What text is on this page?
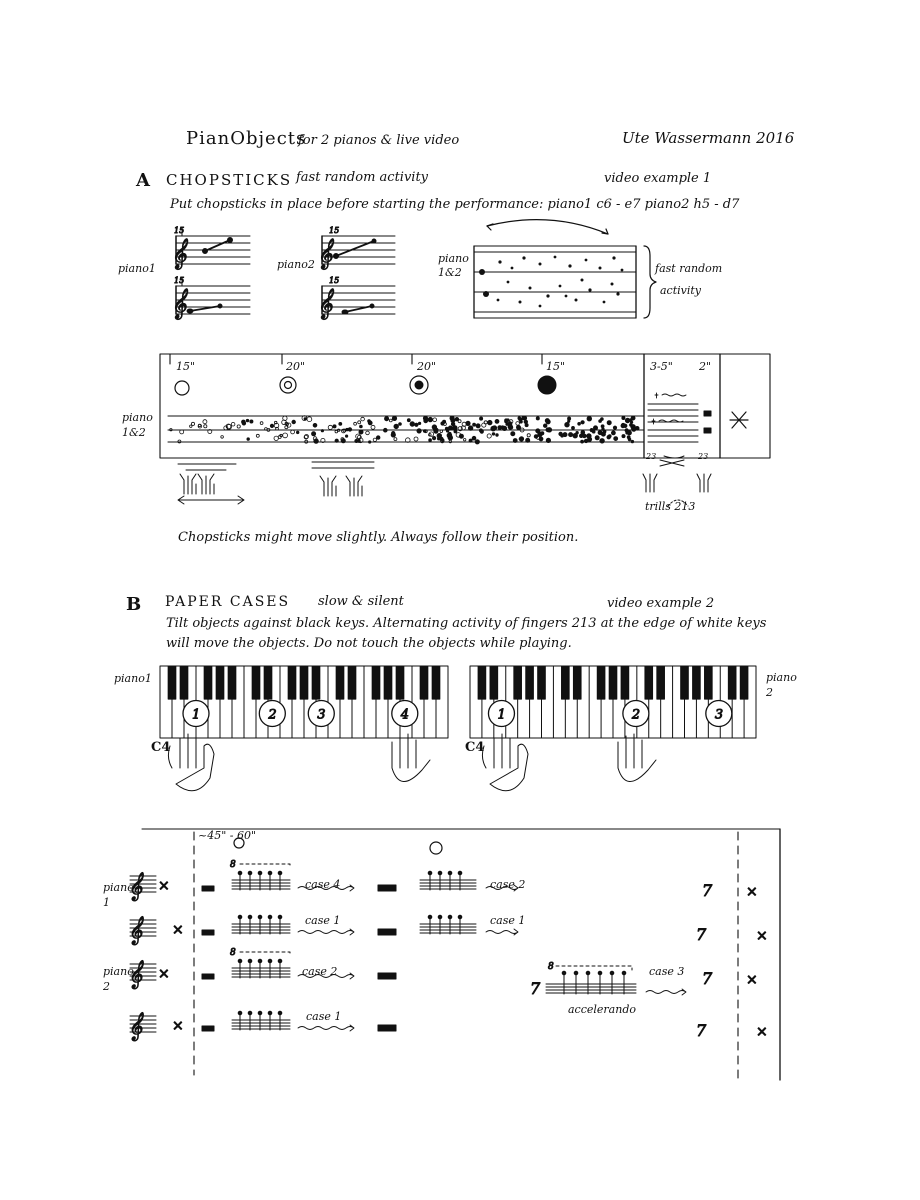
PianObjects
for 2 pianos & live video	Ute Wassermann 2016
A CHOPSTICKS fast random activity	video example 1
Put chopsticks in place before starting the performance: piano1 c6 - e7 piano2 h5 - d7
piano1	piano2	piano 1&2	fast random
activity
15"	20"	20"	15"	3-5" 2"
piano 1&2
trills 213
23	23
Chopsticks might move slightly. Always follow their position.
B PAPER CASES slow & silent	video example 2
Tilt objects against black keys. Alternating activity of fingers 213 at the edge of white keys
will move the objects. Do not touch the objects while playing.
piano1	piano 2
C4	C4
~45" - 60"
piano 1
piano 2
case 4	case 2
case 1	case 1
case 2	case 3
case 1
accelerando
15
15
𝄞
𝄞
15
15
𝄞
𝄞
1	2	3	4	1	2	3
𝄞 ×
𝄞 ×
𝄞 ×
𝄞 ×
7 ×
7	×
7 ×
7	×
7
8
8
8
